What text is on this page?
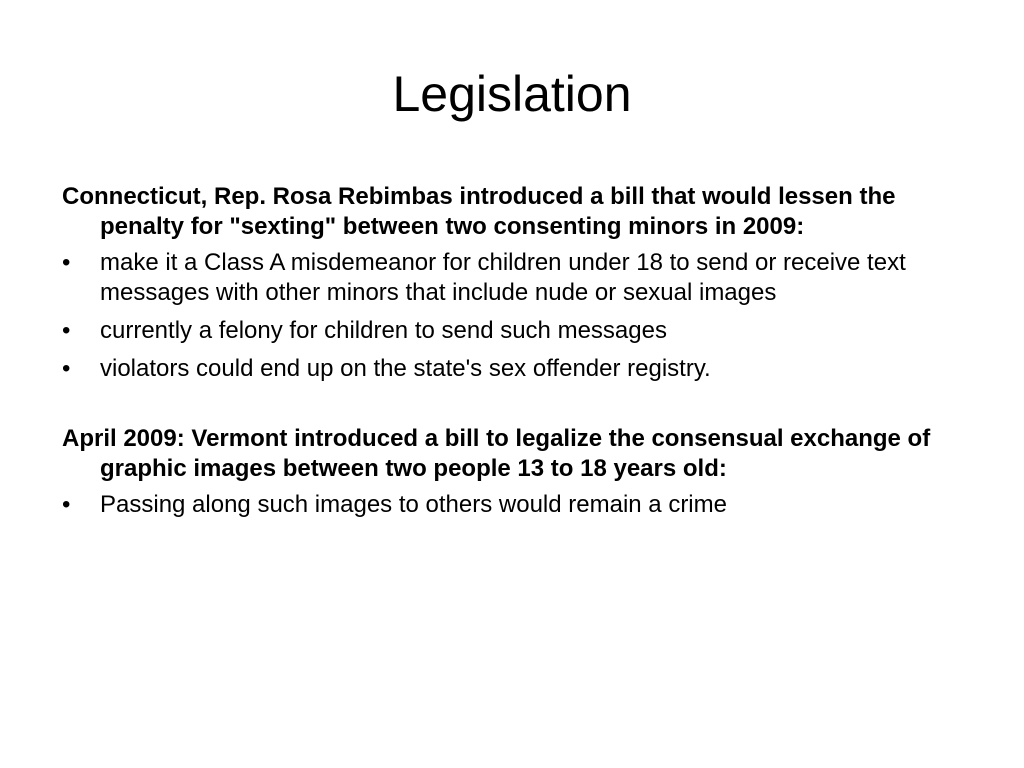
Legislation

Connecticut, Rep. Rosa Rebimbas introduced a bill that would lessen the penalty for "sexting" between two consenting minors in 2009:

•	make it a Class A misdemeanor for children under 18 to send or receive text messages with other minors that include nude or sexual images
•	currently a felony for children to send such messages
•	violators could end up on the state's sex offender registry.

April 2009: Vermont introduced a bill to legalize the consensual exchange of graphic images between two people 13 to 18 years old:

•	Passing along such images to others would remain a crime
